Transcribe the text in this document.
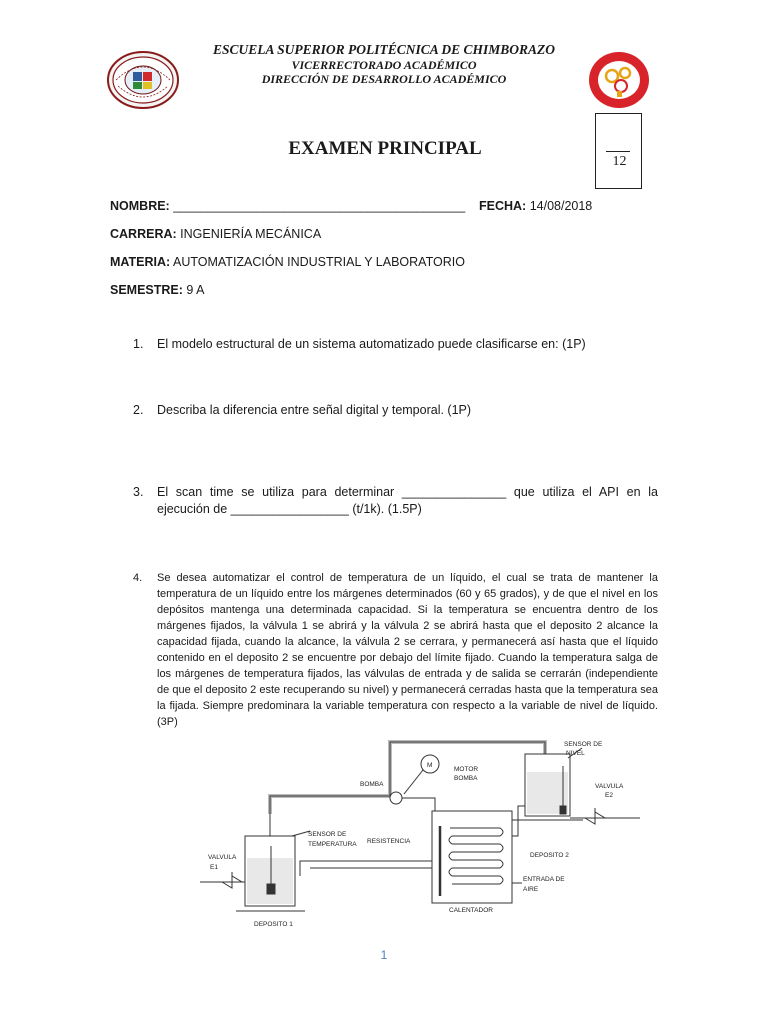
ESCUELA SUPERIOR POLITÉCNICA DE CHIMBORAZO
VICERRECTORADO ACADÉMICO
DIRECCIÓN DE DESARROLLO ACADÉMICO
EXAMEN PRINCIPAL
12
NOMBRE: __________________________________________ FECHA: 14/08/2018
CARRERA: INGENIERÍA MECÁNICA
MATERIA: AUTOMATIZACIÓN INDUSTRIAL Y LABORATORIO
SEMESTRE: 9 A
1. El modelo estructural de un sistema automatizado puede clasificarse en: (1P)
2. Describa la diferencia entre señal digital y temporal. (1P)
3. El scan time se utiliza para determinar _______________ que utiliza el API en la ejecución de _________________ (t/1k). (1.5P)
4. Se desea automatizar el control de temperatura de un líquido, el cual se trata de mantener la temperatura de un líquido entre los márgenes determinados (60 y 65 grados), y de que el nivel en los depósitos mantenga una determinada capacidad. Si la temperatura se encuentra dentro de los márgenes fijados, la válvula 1 se abrirá y la válvula 2 se abrirá hasta que el deposito 2 alcance la capacidad fijada, cuando la alcance, la válvula 2 se cerrara, y permanecerá así hasta que el líquido contenido en el deposito 2 se encuentre por debajo del límite fijado. Cuando la temperatura salga de los márgenes de temperatura fijados, las válvulas de entrada y de salida se cerrarán (independiente de que el deposito 2 este recuperando su nivel) y permanecerá cerradas hasta que la temperatura sea la fijada. Siempre predominara la variable temperatura con respecto a la variable de nivel de líquido. (3P)
SENSOR DE
NIVEL
VALVULA
E2
M
MOTOR
BOMBA
BOMBA
DEPOSITO 2
RESISTENCIA
SENSOR DE
TEMPERATURA
VALVULA
E1
ENTRADA DE
AIRE
CALENTADOR
DEPOSITO 1
1
